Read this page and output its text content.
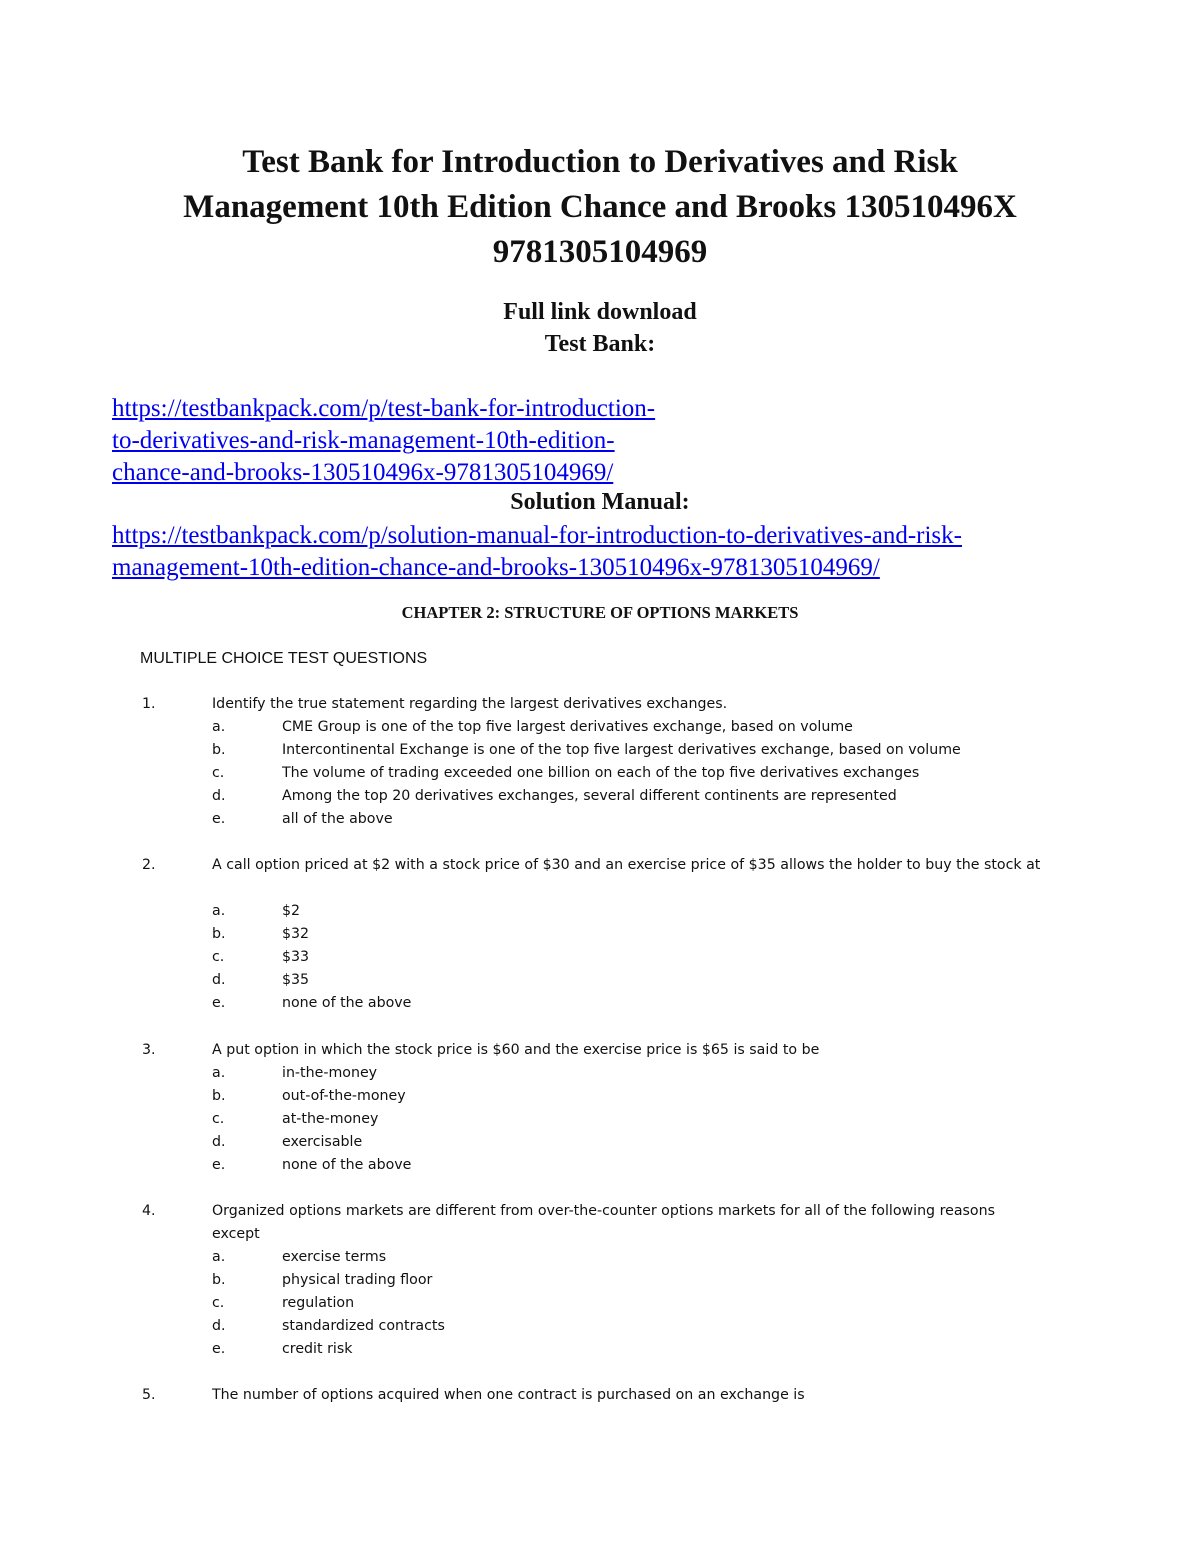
Test Bank for Introduction to Derivatives and Risk
Management 10th Edition Chance and Brooks 130510496X
9781305104969
Full link download
Test Bank:
https://testbankpack.com/p/test-bank-for-introduction-
to-derivatives-and-risk-management-10th-edition-
chance-and-brooks-130510496x-9781305104969/
Solution Manual:
https://testbankpack.com/p/solution-manual-for-introduction-to-derivatives-and-risk-
management-10th-edition-chance-and-brooks-130510496x-9781305104969/
CHAPTER 2: STRUCTURE OF OPTIONS MARKETS
MULTIPLE CHOICE TEST QUESTIONS
1.	Identify the true statement regarding the largest derivatives exchanges.
a.	CME Group is one of the top five largest derivatives exchange, based on volume
b.	Intercontinental Exchange is one of the top five largest derivatives exchange, based on volume
c.	The volume of trading exceeded one billion on each of the top five derivatives exchanges
d.	Among the top 20 derivatives exchanges, several different continents are represented
e.	all of the above
2.	A call option priced at $2 with a stock price of $30 and an exercise price of $35 allows the holder to buy the stock at
a.	$2
b.	$32
c.	$33
d.	$35
e.	none of the above
3.	A put option in which the stock price is $60 and the exercise price is $65 is said to be
a.	in-the-money
b.	out-of-the-money
c.	at-the-money
d.	exercisable
e.	none of the above
4.	Organized options markets are different from over-the-counter options markets for all of the following reasons except
a.	exercise terms
b.	physical trading floor
c.	regulation
d.	standardized contracts
e.	credit risk
5.	The number of options acquired when one contract is purchased on an exchange is
